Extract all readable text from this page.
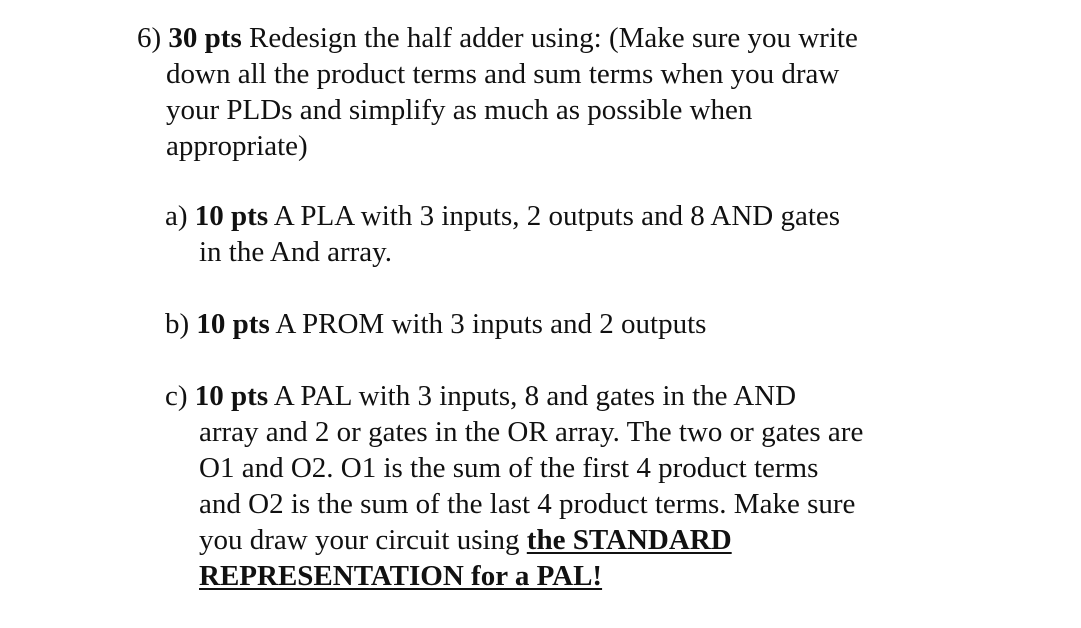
6) 30 pts Redesign the half adder using: (Make sure you write
down all the product terms and sum terms when you draw
your PLDs and simplify as much as possible when
appropriate)
a) 10 pts A PLA with 3 inputs, 2 outputs and 8 AND gates
in the And array.
b) 10 pts A PROM with 3 inputs and 2 outputs
c) 10 pts A PAL with 3 inputs, 8 and gates in the AND
array and 2 or gates in the OR array. The two or gates are
O1 and O2. O1 is the sum of the first 4 product terms
and O2 is the sum of the last 4 product terms. Make sure
you draw your circuit using the STANDARD
REPRESENTATION for a PAL!
